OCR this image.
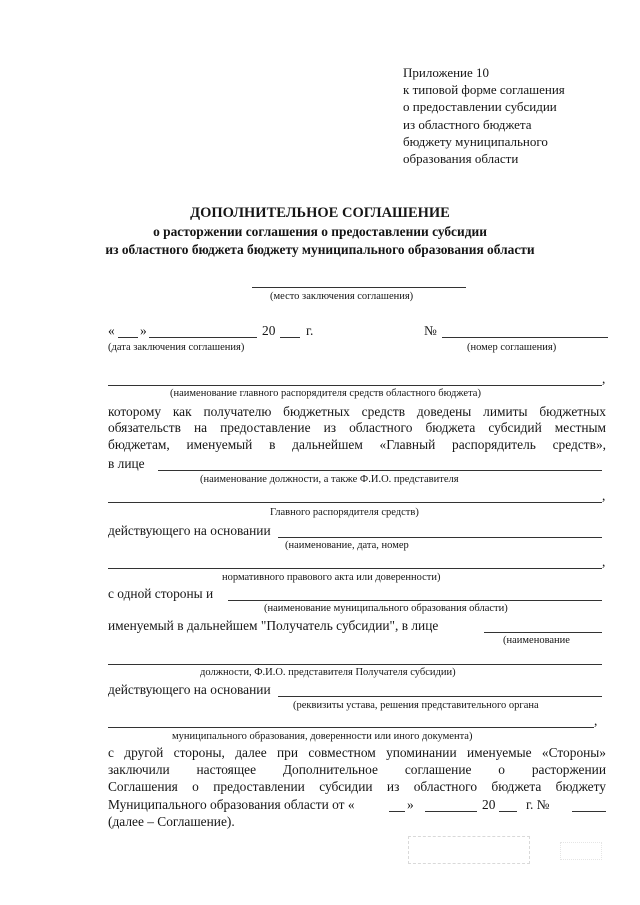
Приложение 10
к типовой форме соглашения
о предоставлении субсидии
из областного бюджета
бюджету муниципального
образования области
ДОПОЛНИТЕЛЬНОЕ СОГЛАШЕНИЕ
о расторжении соглашения о предоставлении субсидии
из областного бюджета бюджету муниципального образования области
(место заключения соглашения)
« »	20 г.	№
(дата заключения соглашения)	(номер соглашения)
,
(наименование главного распорядителя средств областного бюджета)
которому как получателю бюджетных средств доведены лимиты бюджетных
обязательств на предоставление из областного бюджета субсидий местным
бюджетам, именуемый в дальнейшем «Главный распорядитель средств»,
в лице
(наименование должности, а также Ф.И.О. представителя
,
Главного распорядителя средств)
действующего на основании
(наименование, дата, номер
,
нормативного правового акта или доверенности)
с одной стороны и
(наименование муниципального образования области)
именуемый в дальнейшем "Получатель субсидии", в лице
(наименование
должности, Ф.И.О. представителя Получателя субсидии)
действующего на основании
(реквизиты устава, решения представительного органа
,
муниципального образования, доверенности или иного документа)
с другой стороны, далее при совместном упоминании именуемые «Стороны»
заключили настоящее Дополнительное соглашение о расторжении
Соглашения о предоставлении субсидии из областного бюджета бюджету
Муниципального образования области от «	»	20 г. №
(далее – Соглашение).
